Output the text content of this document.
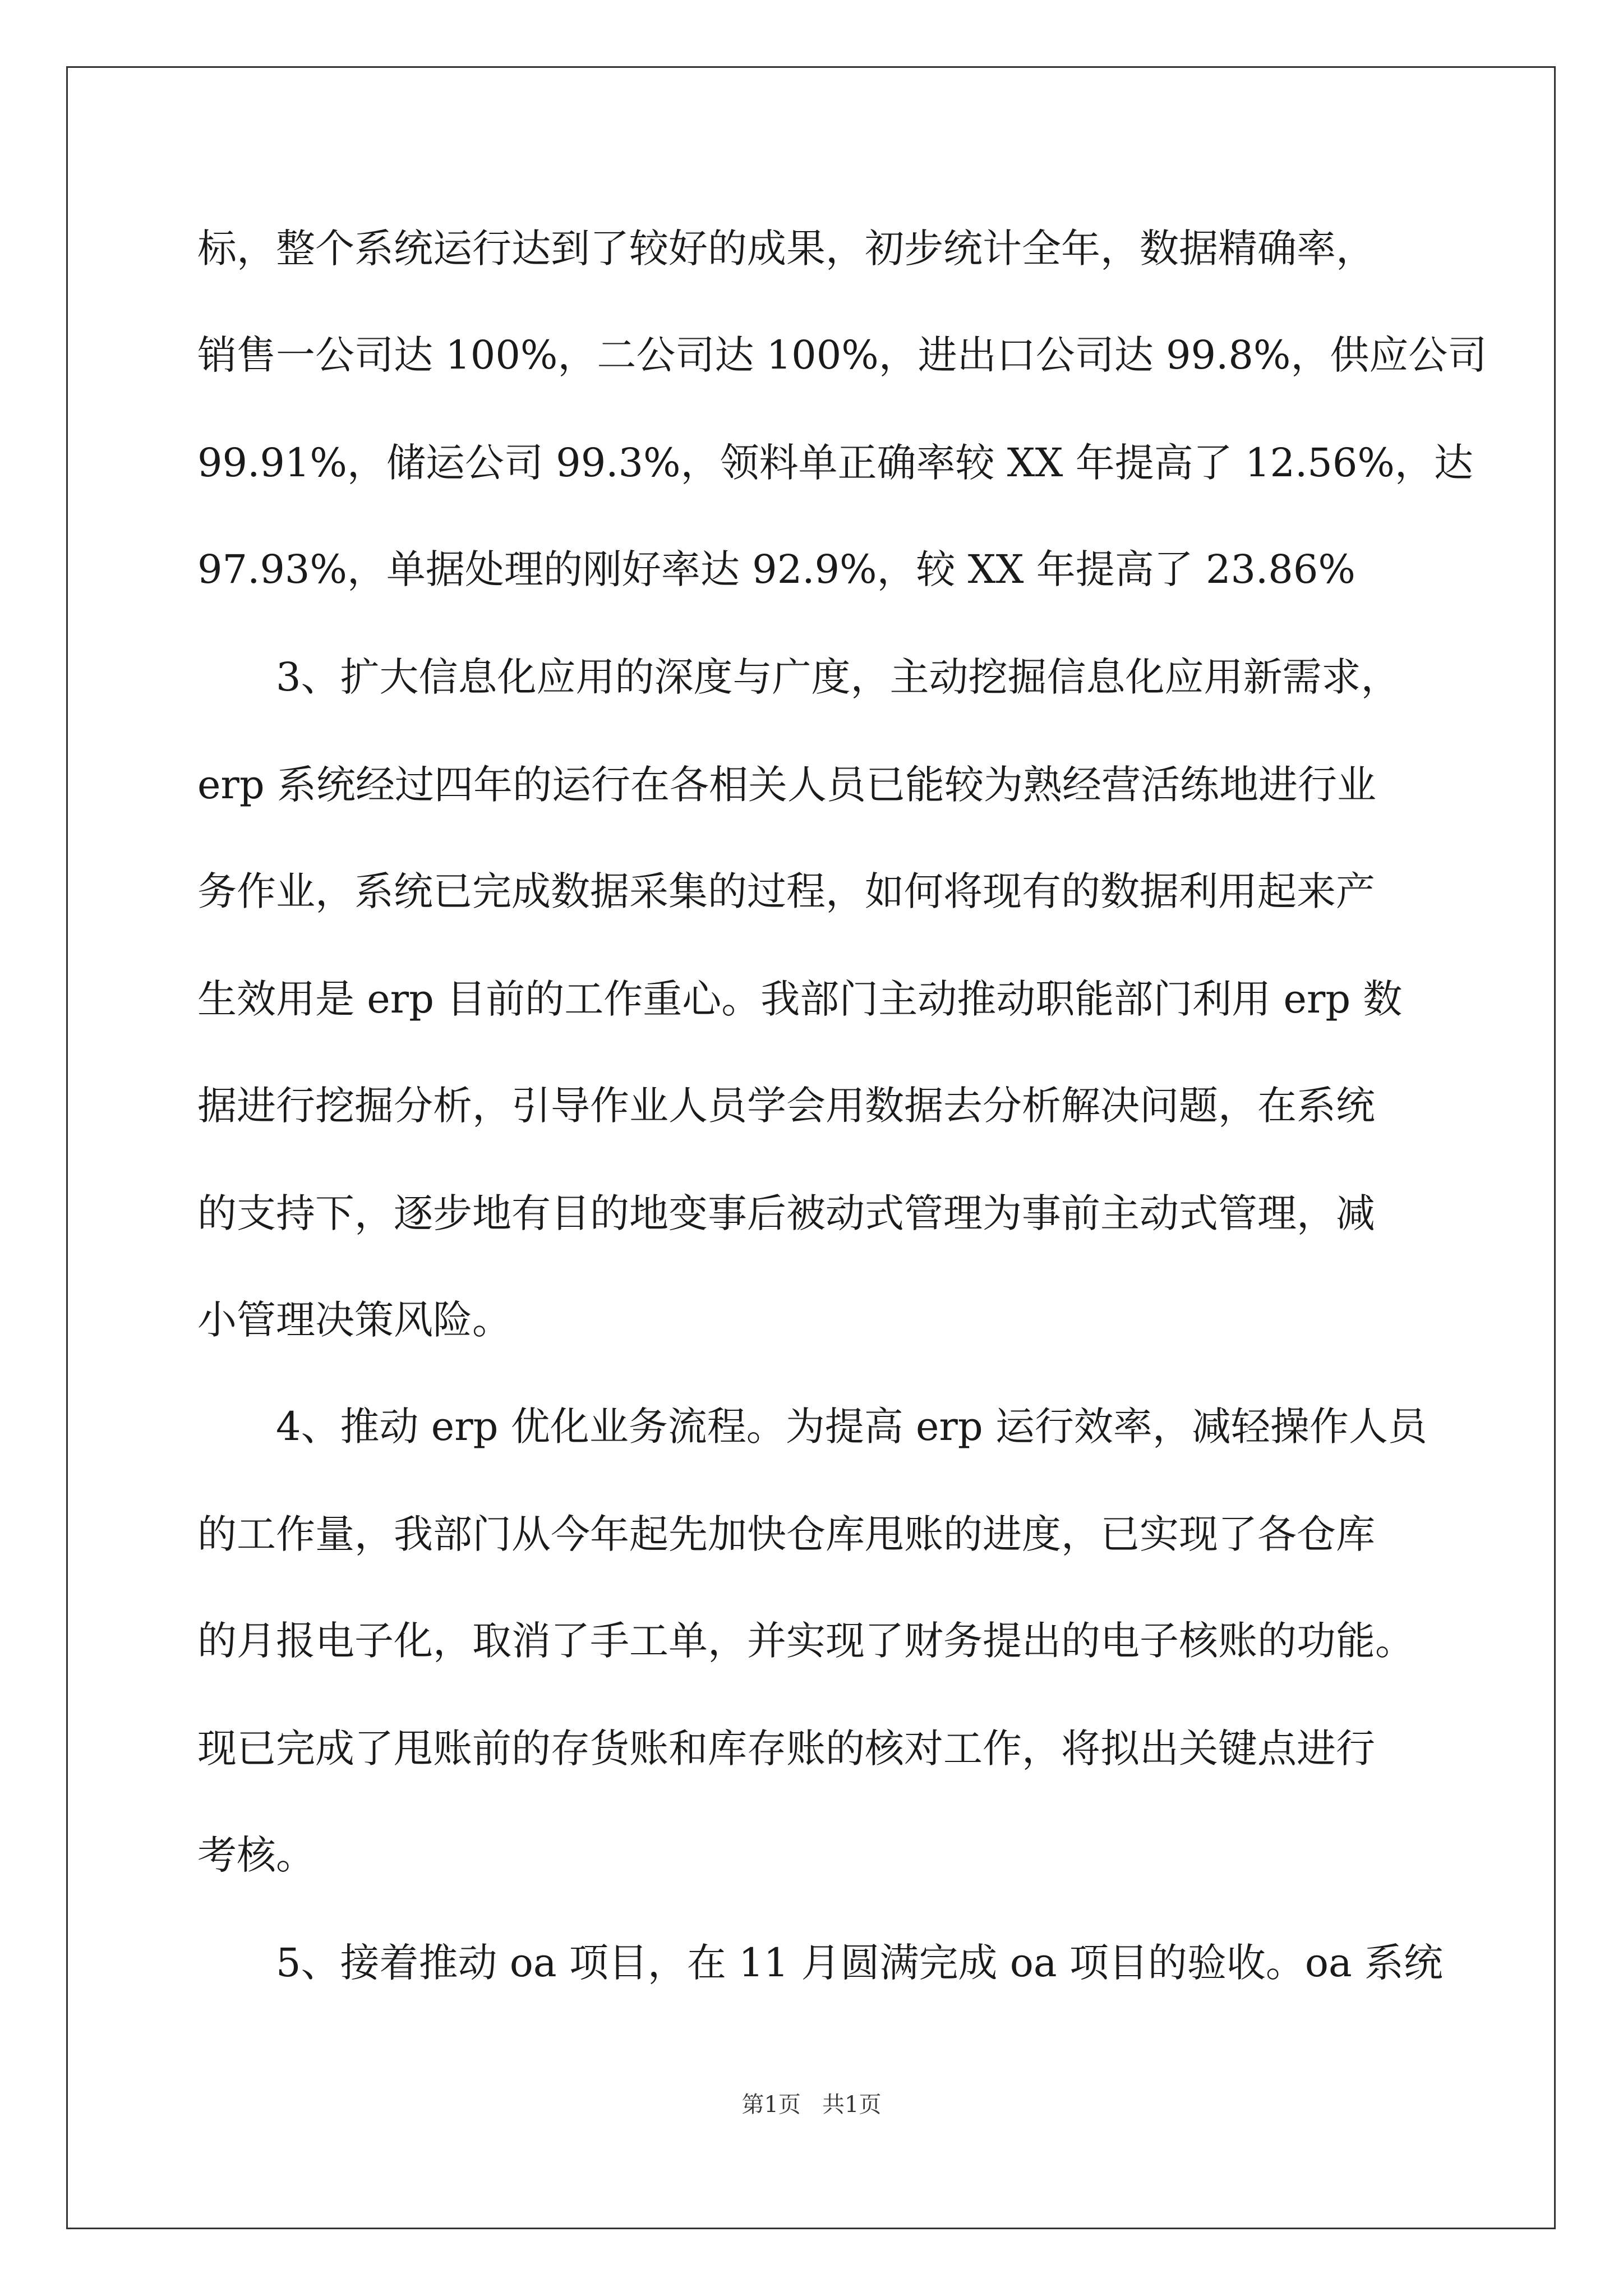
标，整个系统运行达到了较好的成果，初步统计全年，数据精确率，
销售一公司达 100%，二公司达 100%，进出口公司达 99.8%，供应公司
99.91%，储运公司 99.3%，领料单正确率较 XX 年提高了 12.56%，达
97.93%，单据处理的刚好率达 92.9%，较 XX 年提高了 23.86%
3、扩大信息化应用的深度与广度，主动挖掘信息化应用新需求，
erp 系统经过四年的运行在各相关人员已能较为熟经营活练地进行业
务作业，系统已完成数据采集的过程，如何将现有的数据利用起来产
生效用是 erp 目前的工作重心。我部门主动推动职能部门利用 erp 数
据进行挖掘分析，引导作业人员学会用数据去分析解决问题，在系统
的支持下，逐步地有目的地变事后被动式管理为事前主动式管理，减
小管理决策风险。
4、推动 erp 优化业务流程。为提高 erp 运行效率，减轻操作人员
的工作量，我部门从今年起先加快仓库甩账的进度，已实现了各仓库
的月报电子化，取消了手工单，并实现了财务提出的电子核账的功能。
现已完成了甩账前的存货账和库存账的核对工作，将拟出关键点进行
考核。
5、接着推动 oa 项目，在 11 月圆满完成 oa 项目的验收。oa 系统
第1页   共1页
